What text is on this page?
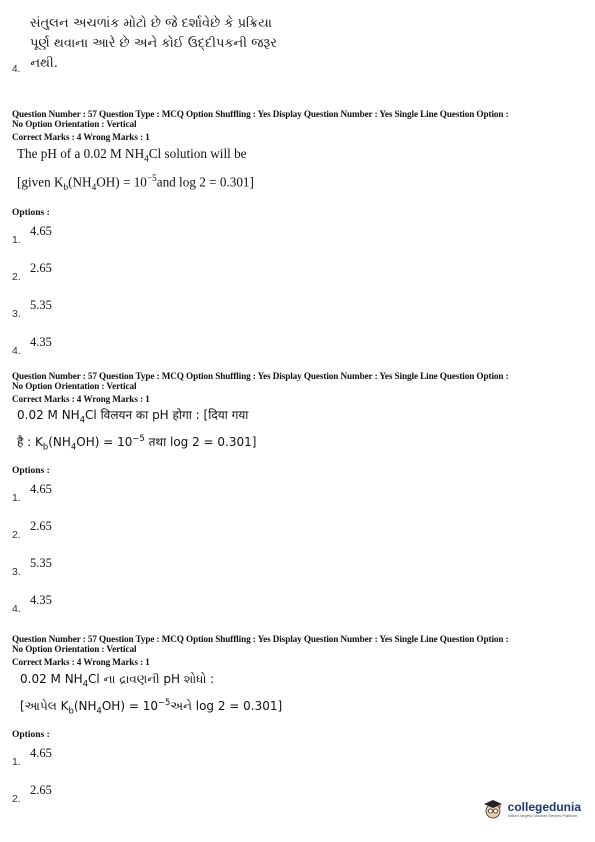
સંતુલન અચળાંક મોટો છે જે દર્શાવેછે કે પ્રક્રિયા
પૂર્ણ થવાના આરે છે અને કોઈ ઉદ્દીપકની જરૂર
4. નથી.
Question Number : 57 Question Type : MCQ Option Shuffling : Yes Display Question Number : Yes Single Line Question Option :
No Option Orientation : Vertical
Correct Marks : 4 Wrong Marks : 1
The pH of a 0.02 M $NH_4Cl$ solution will be
[given $K_b(NH_4OH) = 10^{-5}and$ log 2 = 0.301]
Options :
1.
4.65
2.
2.65
3.
5.35
4.
4.35
Question Number : 57 Question Type : MCQ Option Shuffling : Yes Display Question Number : Yes Single Line Question Option :
No Option Orientation : Vertical
Correct Marks : 4 Wrong Marks : 1
0.02 M $NH_4Cl$ विलयन का pH होगा : [दिया गया
है : $K_b(NH_4OH) = 10^{-5}$ तथा log 2 = 0.301]
Options :
1.
4.65
2.
2.65
3.
5.35
4.
4.35
Question Number : 57 Question Type : MCQ Option Shuffling : Yes Display Question Number : Yes Single Line Question Option :
No Option Orientation : Vertical
Correct Marks : 4 Wrong Marks : 1
0.02 M $NH_4Cl$ ના દ્રાવણની pH શોધો :
[આપેલ $K_b(NH_4OH)$ = $10^{-5}અને$ log 2 = 0.301]
Options :
1.
4.65
2.
2.65
collegedunia
India's largest Student Review Platform
